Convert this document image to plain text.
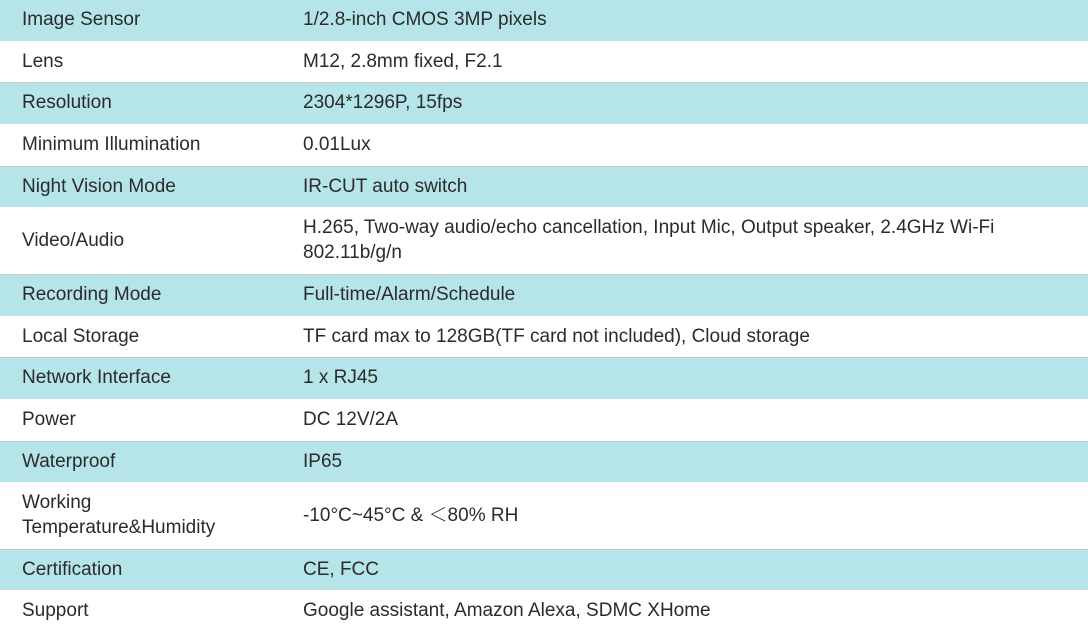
Image Sensor	1/2.8-inch CMOS 3MP pixels
Lens	M12, 2.8mm fixed, F2.1
Resolution	2304*1296P, 15fps
Minimum Illumination	0.01Lux
Night Vision Mode	IR-CUT auto switch
Video/Audio	H.265, Two-way audio/echo cancellation, Input Mic, Output speaker, 2.4GHz Wi-Fi 802.11b/g/n
Recording Mode	Full-time/Alarm/Schedule
Local Storage	TF card max to 128GB(TF card not included), Cloud storage
Network Interface	1 x RJ45
Power	DC 12V/2A
Waterproof	IP65
Working Temperature&Humidity	-10°C~45°C & ＜80% RH
Certification	CE, FCC
Support	Google assistant, Amazon Alexa, SDMC XHome
